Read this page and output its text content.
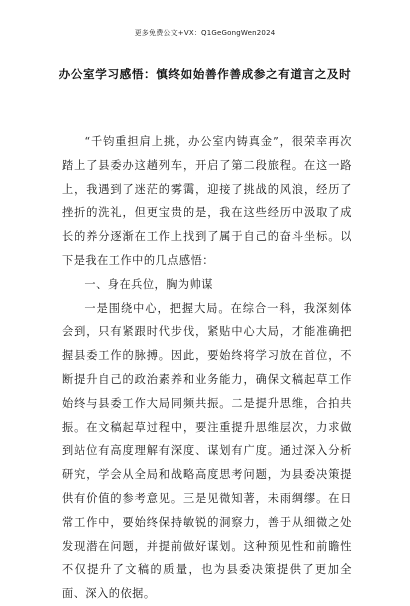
更多免费公文+VX：Q1GeGongWen2024
办公室学习感悟：慎终如始善作善成参之有道言之及时

“千钧重担肩上挑，办公室内铸真金”，很荣幸再次踏上了县委办这趟列车，开启了第二段旅程。在这一路上，我遇到了迷茫的雾霭，迎接了挑战的风浪，经历了挫折的洗礼，但更宝贵的是，我在这些经历中汲取了成长的养分逐渐在工作上找到了属于自己的奋斗坐标。以下是我在工作中的几点感悟：

一、身在兵位，胸为帅谋

一是围绕中心，把握大局。在综合一科，我深刻体会到，只有紧跟时代步伐，紧贴中心大局，才能准确把握县委工作的脉搏。因此，要始终将学习放在首位，不断提升自己的政治素养和业务能力，确保文稿起草工作始终与县委工作大局同频共振。二是提升思维，合拍共振。在文稿起草过程中，要注重提升思维层次，力求做到站位有高度理解有深度、谋划有广度。通过深入分析研究，学会从全局和战略高度思考问题，为县委决策提供有价值的参考意见。三是见微知著，未雨绸缪。在日常工作中，要始终保持敏锐的洞察力，善于从细微之处发现潜在问题，并提前做好谋划。这种预见性和前瞻性不仅提升了文稿的质量，也为县委决策提供了更加全面、深入的依据。
